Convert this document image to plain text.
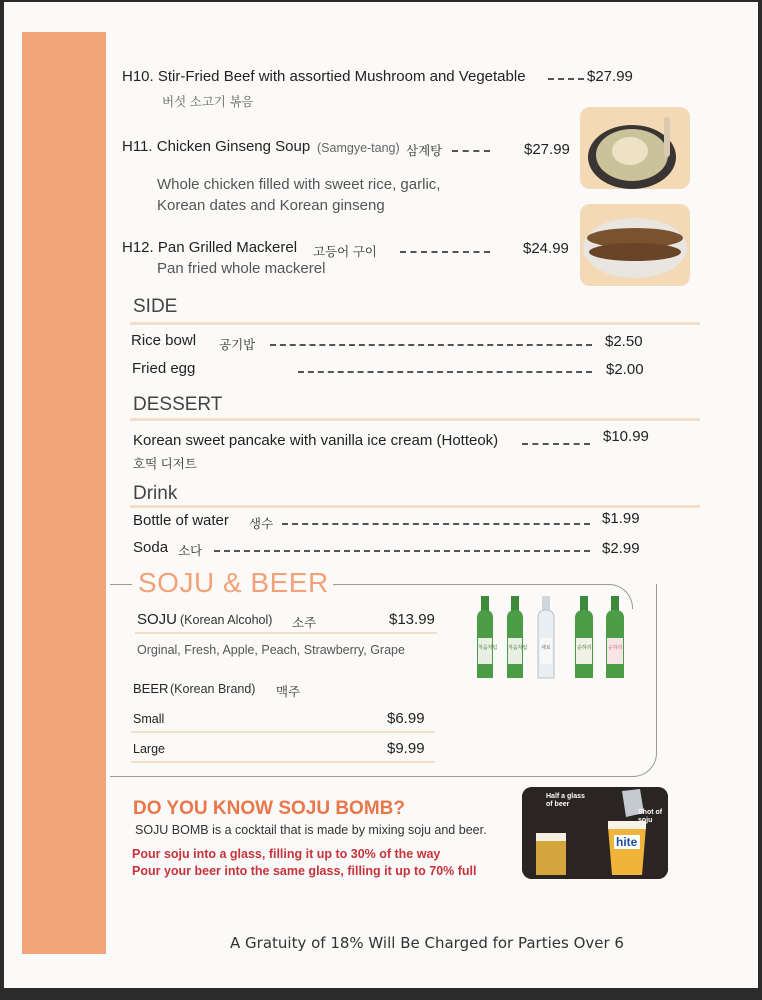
H10. Stir-Fried Beef with assortied Mushroom and Vegetable	$27.99
버섯 소고기 볶음
H11. Chicken Ginseng Soup (Samgye-tang) 삼계탕	$27.99
Whole chicken filled with sweet rice, garlic,
Korean dates and Korean ginseng
H12. Pan Grilled Mackerel 고등어 구이	$24.99
Pan fried whole mackerel
SIDE
Rice bowl 공기밥	$2.50
Fried egg	$2.00
DESSERT
Korean sweet pancake with vanilla ice cream (Hotteok)	$10.99
호떡 디저트
Drink
Bottle of water 생수	$1.99
Soda 소다	$2.99
SOJU & BEER
SOJU (Korean Alcohol) 소주	$13.99
Orginal, Fresh, Apple, Peach, Strawberry, Grape
BEER (Korean Brand) 맥주
Small	$6.99
Large	$9.99
처음처럼 처음처럼	새로	순하리	순하리
DO YOU KNOW SOJU BOMB?
SOJU BOMB is a cocktail that is made by mixing soju and beer.
Pour soju into a glass, filling it up to 30% of the way
Pour your beer into the same glass, filling it up to 70% full
Half a glass of beer
Shot of soju
hite
A Gratuity of 18% Will Be Charged for Parties Over 6
